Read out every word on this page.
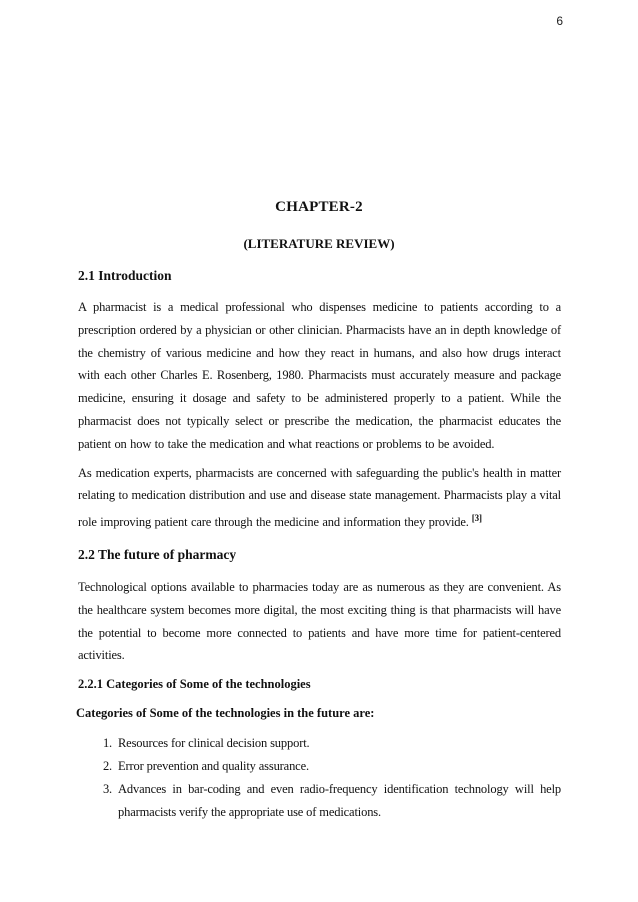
6
CHAPTER-2
(LITERATURE REVIEW)
2.1 Introduction

A pharmacist is a medical professional who dispenses medicine to patients according to a prescription ordered by a physician or other clinician. Pharmacists have an in depth knowledge of the chemistry of various medicine and how they react in humans, and also how drugs interact with each other Charles E. Rosenberg, 1980. Pharmacists must accurately measure and package medicine, ensuring it dosage and safety to be administered properly to a patient. While the pharmacist does not typically select or prescribe the medication, the pharmacist educates the patient on how to take the medication and what reactions or problems to be avoided.

As medication experts, pharmacists are concerned with safeguarding the public's health in matter relating to medication distribution and use and disease state management. Pharmacists play a vital role improving patient care through the medicine and information they provide. [3]

2.2 The future of pharmacy

Technological options available to pharmacies today are as numerous as they are convenient. As the healthcare system becomes more digital, the most exciting thing is that pharmacists will have the potential to become more connected to patients and have more time for patient-centered activities.

2.2.1 Categories of Some of the technologies
Categories of Some of the technologies in the future are:
1. Resources for clinical decision support.
2. Error prevention and quality assurance.
3. Advances in bar-coding and even radio-frequency identification technology will help pharmacists verify the appropriate use of medications.
